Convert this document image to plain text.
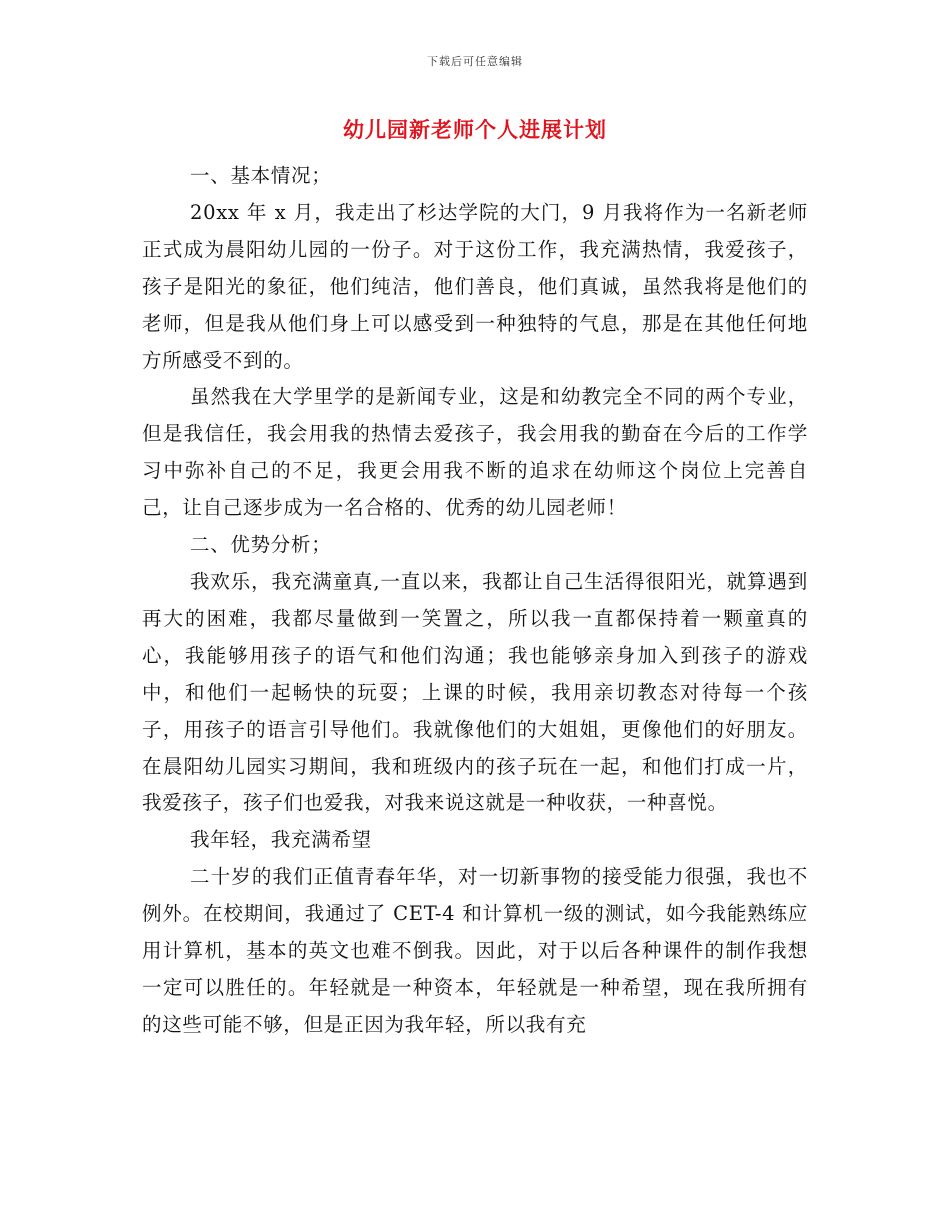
下载后可任意编辑
幼儿园新老师个人进展计划

一、基本情况；

20xx 年 x 月，我走出了杉达学院的大门，9 月我将作为一名新老师正式成为晨阳幼儿园的一份子。对于这份工作，我充满热情，我爱孩子，孩子是阳光的象征，他们纯洁，他们善良，他们真诚，虽然我将是他们的老师，但是我从他们身上可以感受到一种独特的气息，那是在其他任何地方所感受不到的。

虽然我在大学里学的是新闻专业，这是和幼教完全不同的两个专业，但是我信任，我会用我的热情去爱孩子，我会用我的勤奋在今后的工作学习中弥补自己的不足，我更会用我不断的追求在幼师这个岗位上完善自己，让自己逐步成为一名合格的、优秀的幼儿园老师！

二、优势分析；

我欢乐，我充满童真,一直以来，我都让自己生活得很阳光，就算遇到再大的困难，我都尽量做到一笑置之，所以我一直都保持着一颗童真的心，我能够用孩子的语气和他们沟通；我也能够亲身加入到孩子的游戏中，和他们一起畅快的玩耍；上课的时候，我用亲切教态对待每一个孩子，用孩子的语言引导他们。我就像他们的大姐姐，更像他们的好朋友。在晨阳幼儿园实习期间，我和班级内的孩子玩在一起，和他们打成一片，我爱孩子，孩子们也爱我，对我来说这就是一种收获，一种喜悦。

我年轻，我充满希望

二十岁的我们正值青春年华，对一切新事物的接受能力很强，我也不例外。在校期间，我通过了 CET-4 和计算机一级的测试，如今我能熟练应用计算机，基本的英文也难不倒我。因此，对于以后各种课件的制作我想一定可以胜任的。年轻就是一种资本，年轻就是一种希望，现在我所拥有的这些可能不够，但是正因为我年轻，所以我有充
